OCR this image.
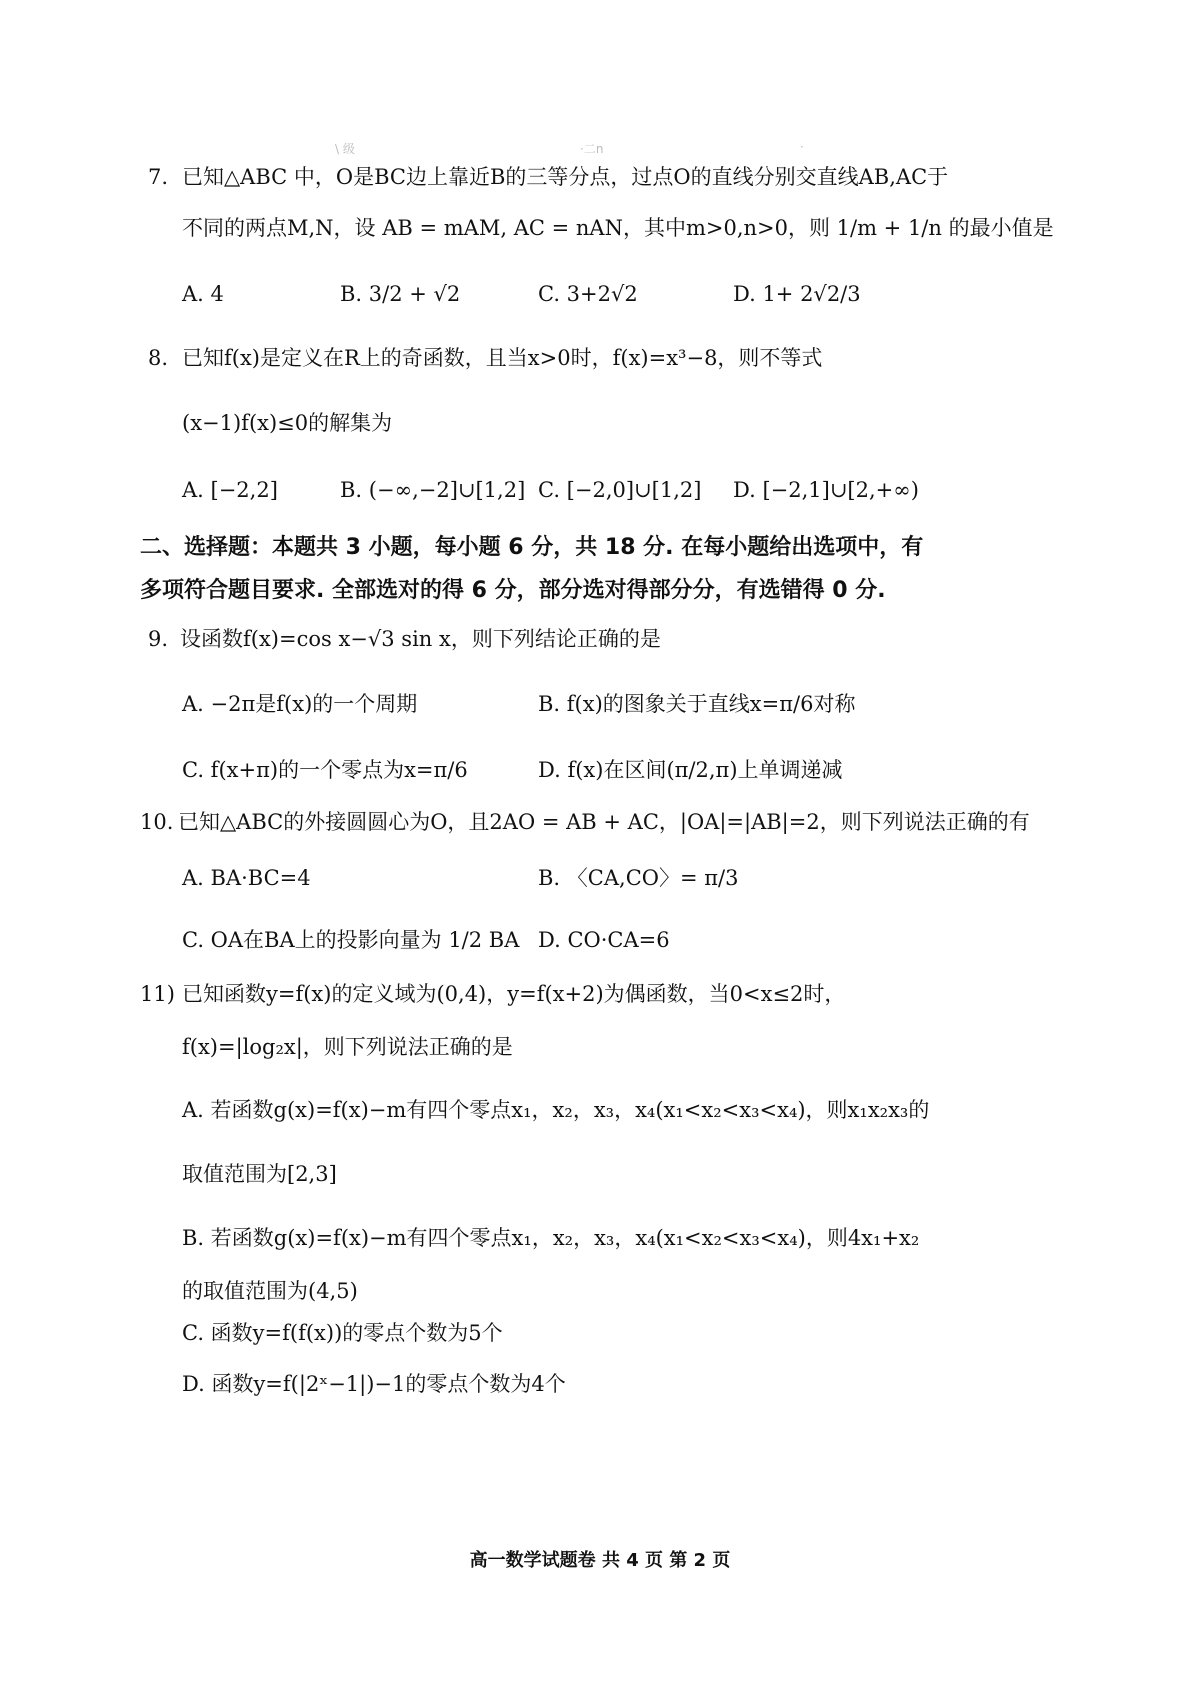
\ 级	·二n	·
7. 已知△ABC 中，O是BC边上靠近B的三等分点，过点O的直线分别交直线AB,AC于
不同的两点M,N，设 AB = mAM, AC = nAN，其中m>0,n>0，则 1/m + 1/n 的最小值是
A. 4	B. 3/2 + √2	C. 3+2√2	D. 1+ 2√2/3
8. 已知f(x)是定义在R上的奇函数，且当x>0时，f(x)=x³−8，则不等式
(x−1)f(x)≤0的解集为
A. [−2,2]	B. (−∞,−2]∪[1,2] C. [−2,0]∪[1,2] D. [−2,1]∪[2,+∞)
二、选择题：本题共 3 小题，每小题 6 分，共 18 分. 在每小题给出选项中，有
多项符合题目要求. 全部选对的得 6 分，部分选对得部分分，有选错得 0 分.
9. 设函数f(x)=cos x−√3 sin x，则下列结论正确的是
A. −2π是f(x)的一个周期	B. f(x)的图象关于直线x=π/6对称
C. f(x+π)的一个零点为x=π/6	D. f(x)在区间(π/2,π)上单调递减
10. 已知△ABC的外接圆圆心为O，且2AO = AB + AC，|OA|=|AB|=2，则下列说法正确的有
A. BA·BC=4	B. 〈CA,CO〉= π/3
C. OA在BA上的投影向量为 1/2 BA D. CO·CA=6
11) 已知函数y=f(x)的定义域为(0,4)，y=f(x+2)为偶函数，当0<x≤2时，
f(x)=|log₂x|，则下列说法正确的是
A. 若函数g(x)=f(x)−m有四个零点x₁，x₂，x₃，x₄(x₁<x₂<x₃<x₄)，则x₁x₂x₃的
取值范围为[2,3]
B. 若函数g(x)=f(x)−m有四个零点x₁，x₂，x₃，x₄(x₁<x₂<x₃<x₄)，则4x₁+x₂
的取值范围为(4,5)
C. 函数y=f(f(x))的零点个数为5个
D. 函数y=f(|2ˣ−1|)−1的零点个数为4个
高一数学试题卷 共 4 页 第 2 页
